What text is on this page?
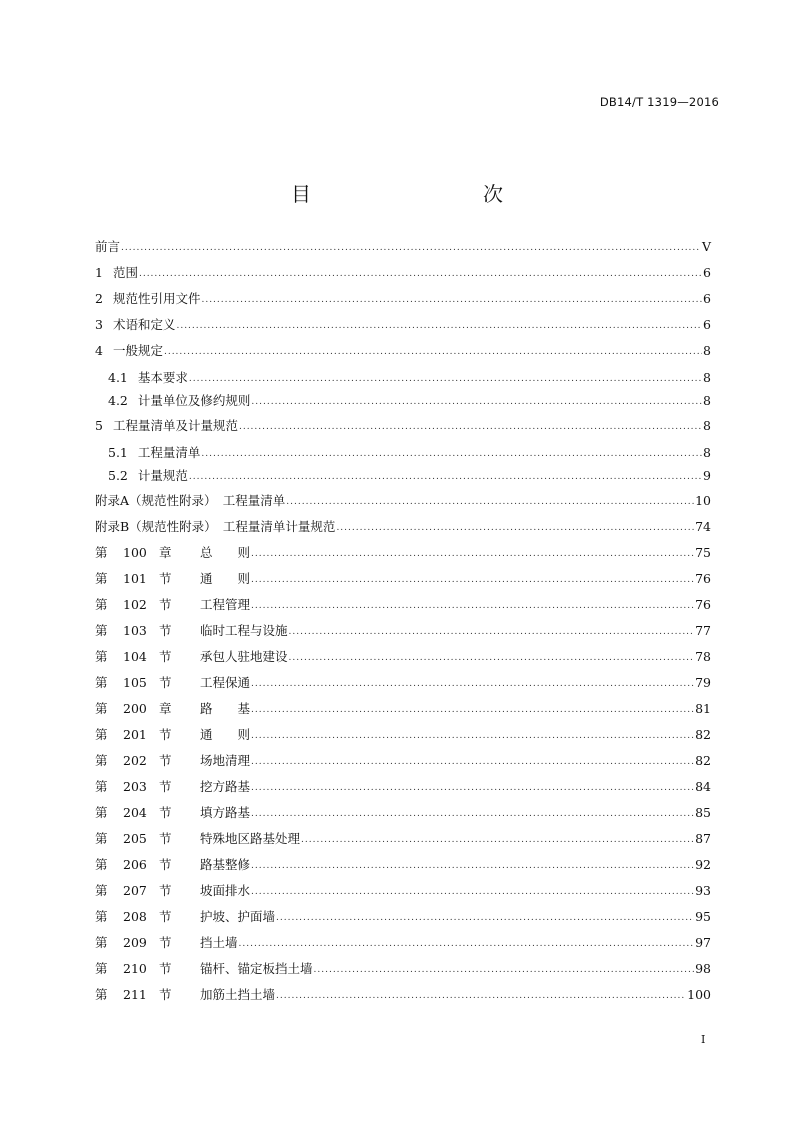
DB14/T 1319—2016
目　　次
前言 .....	V
1 范围 .....	6
2 规范性引用文件 .....	6
3 术语和定义 .....	6
4 一般规定 .....	8
4.1 基本要求 .....	8
4.2 计量单位及修约规则 .....	8
5 工程量清单及计量规范 .....	8
5.1 工程量清单 .....	8
5.2 计量规范 .....	9
附录A（规范性附录）　工程量清单 .....	10
附录B（规范性附录）　工程量清单计量规范 .....	74
第 100 章 总　　则 .....	75
第 101 节 通　　则 .....	76
第 102 节 工程管理 .....	76
第 103 节 临时工程与设施 .....	77
第 104 节 承包人驻地建设 .....	78
第 105 节 工程保通 .....	79
第 200 章 路　　基 .....	81
第 201 节 通　　则 .....	82
第 202 节 场地清理 .....	82
第 203 节 挖方路基 .....	84
第 204 节 填方路基 .....	85
第 205 节 特殊地区路基处理 .....	87
第 206 节 路基整修 .....	92
第 207 节 坡面排水 .....	93
第 208 节 护坡、护面墙 .....	95
第 209 节 挡土墙 .....	97
第 210 节 锚杆、锚定板挡土墙 .....	98
第 211 节 加筋土挡土墙 .....	100
I
